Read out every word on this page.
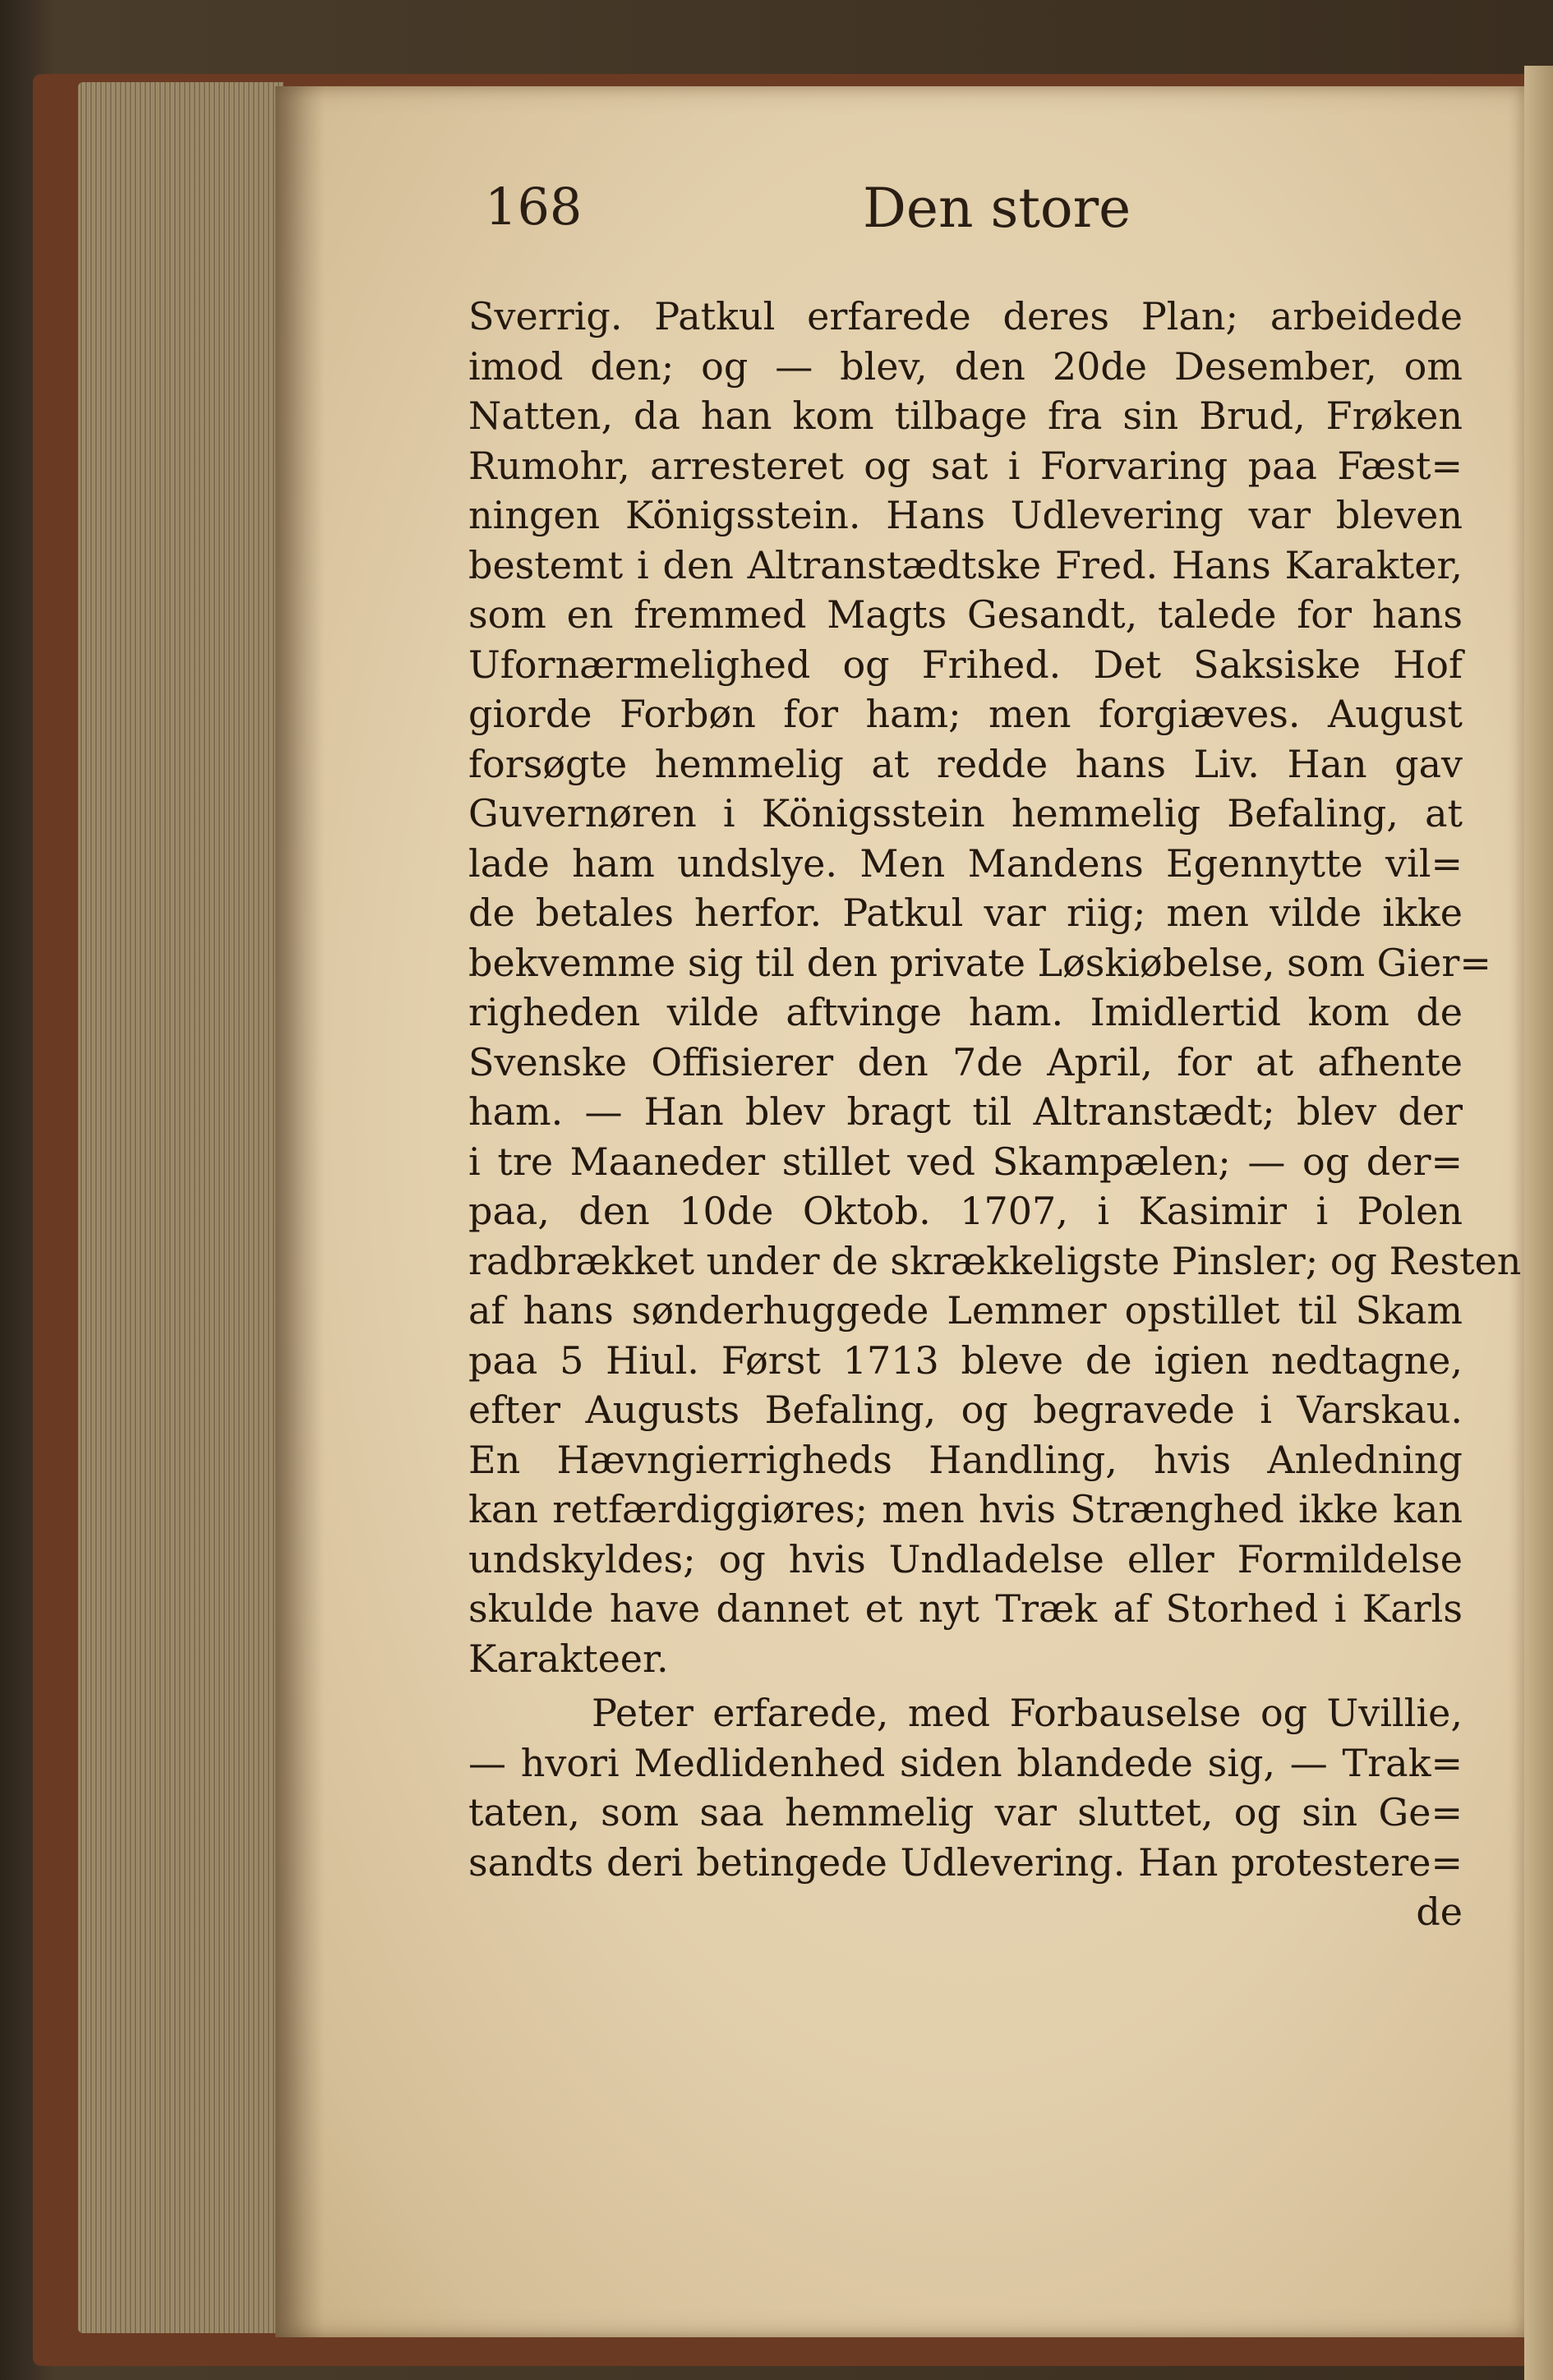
168	Den store
Sverrig. Patkul erfarede deres Plan; arbeidede
imod den; og — blev, den 20de Desember, om
Natten, da han kom tilbage fra sin Brud, Frøken
Rumohr, arresteret og sat i Forvaring paa Fæst=
ningen Königsstein. Hans Udlevering var bleven
bestemt i den Altranstædtske Fred. Hans Karakter,
som en fremmed Magts Gesandt, talede for hans
Ufornærmelighed og Frihed. Det Saksiske Hof
giorde Forbøn for ham; men forgiæves. August
forsøgte hemmelig at redde hans Liv. Han gav
Guvernøren i Königsstein hemmelig Befaling, at
lade ham undslye. Men Mandens Egennytte vil=
de betales herfor. Patkul var riig; men vilde ikke
bekvemme sig til den private Løskiøbelse, som Gier=
righeden vilde aftvinge ham. Imidlertid kom de
Svenske Offisierer den 7de April, for at afhente
ham. — Han blev bragt til Altranstædt; blev der
i tre Maaneder stillet ved Skampælen; — og der=
paa, den 10de Oktob. 1707, i Kasimir i Polen
radbrækket under de skrækkeligste Pinsler; og Resten
af hans sønderhuggede Lemmer opstillet til Skam
paa 5 Hiul. Først 1713 bleve de igien nedtagne,
efter Augusts Befaling, og begravede i Varskau.
En Hævngierrigheds Handling, hvis Anledning
kan retfærdiggiøres; men hvis Strænghed ikke kan
undskyldes; og hvis Undladelse eller Formildelse
skulde have dannet et nyt Træk af Storhed i Karls
Karakteer.
Peter erfarede, med Forbauselse og Uvillie,
— hvori Medlidenhed siden blandede sig, — Trak=
taten, som saa hemmelig var sluttet, og sin Ge=
sandts deri betingede Udlevering. Han protestere=
de
